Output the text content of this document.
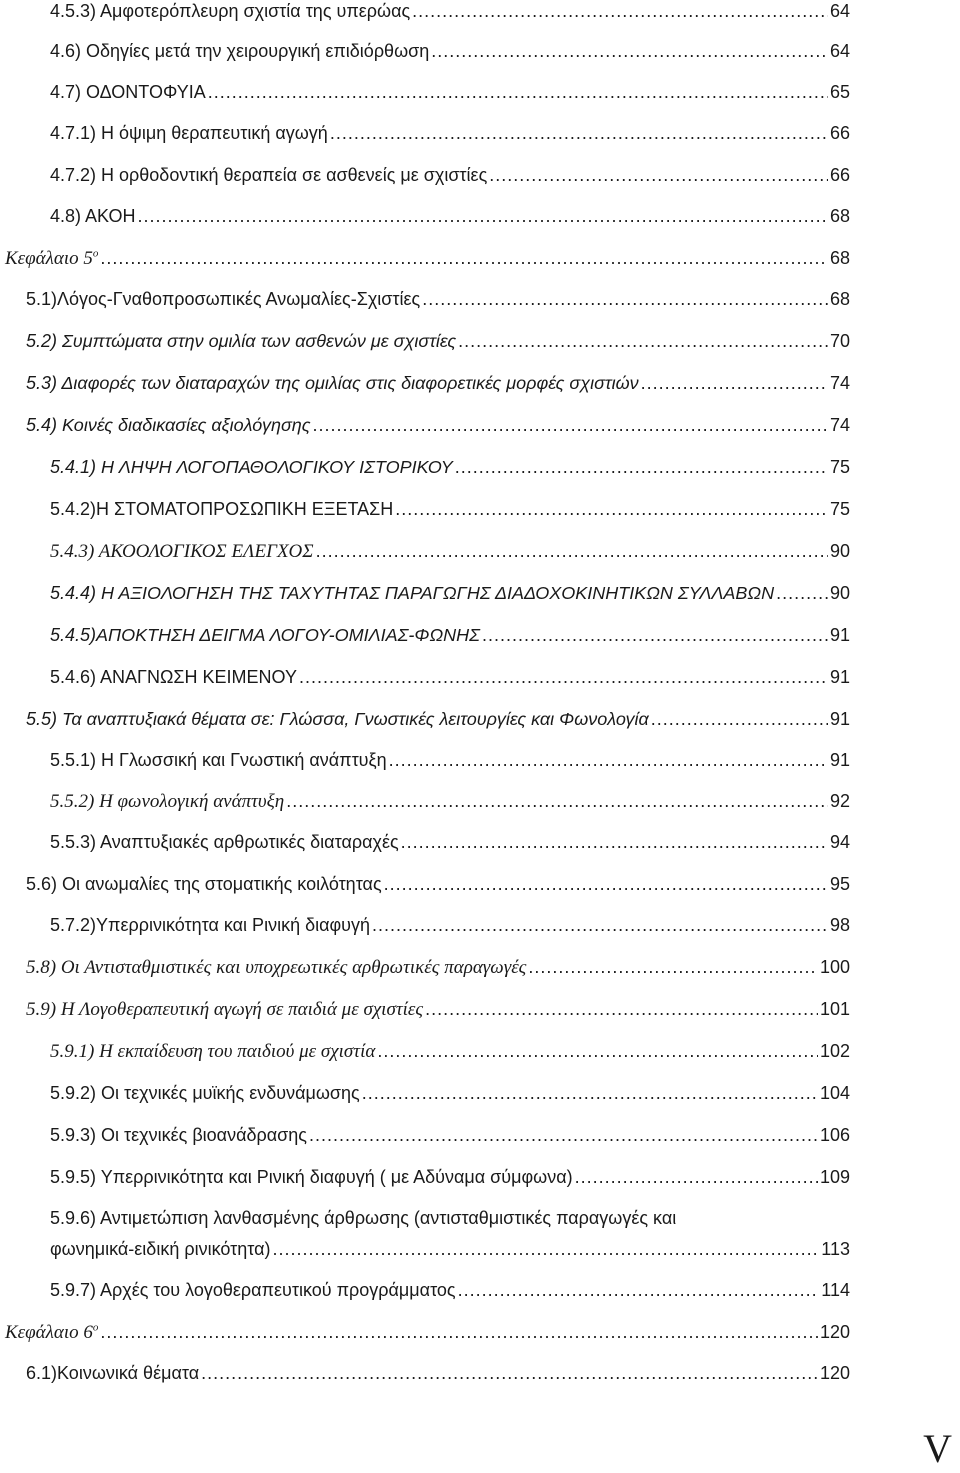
4.5.3) Αμφοτερόπλευρη σχιστία της υπερώας .....	64
4.6) Οδηγίες μετά την χειρουργική επιδιόρθωση .....	64
4.7) ΟΔΟΝΤΟΦΥΙΑ .....	65
4.7.1) Η όψιμη θεραπευτική αγωγή .....	66
4.7.2) Η ορθοδοντική θεραπεία σε ασθενείς με σχιστίες .....	66
4.8) ΑΚΟΗ .....	68
Κεφάλαιο $5^o$ .....	68
5.1)Λόγος-Γναθοπροσωπικές Ανωμαλίες-Σχιστίες .....	68
5.2) Συμπτώματα στην ομιλία των ασθενών με σχιστίες .....	70
5.3) Διαφορές των διαταραχών της ομιλίας στις διαφορετικές μορφές σχιστιών .....	74
5.4) Κοινές διαδικασίες αξιολόγησης .....	74
5.4.1) Η ΛΗΨΗ ΛΟΓΟΠΑΘΟΛΟΓΙΚΟΥ ΙΣΤΟΡΙΚΟΥ .....	75
5.4.2)Η ΣΤΟΜΑΤΟΠΡΟΣΩΠΙΚΗ ΕΞΕΤΑΣΗ .....	75
5.4.3) ΑΚΟΟΛΟΓΙΚΟΣ ΕΛΕΓΧΟΣ .....	90
5.4.4) Η ΑΞΙΟΛΟΓΗΣΗ ΤΗΣ ΤΑΧΥΤΗΤΑΣ ΠΑΡΑΓΩΓΗΣ ΔΙΑΔΟΧΟΚΙΝΗΤΙΚΩΝ ΣΥΛΛΑΒΩΝ .....	90
5.4.5)ΑΠΟΚΤΗΣΗ ΔΕΙΓΜΑ ΛΟΓΟΥ-ΟΜΙΛΙΑΣ-ΦΩΝΗΣ .....	91
5.4.6) ΑΝΑΓΝΩΣΗ ΚΕΙΜΕΝΟΥ .....	91
5.5) Τα αναπτυξιακά θέματα σε: Γλώσσα, Γνωστικές λειτουργίες και Φωνολογία .....	91
5.5.1) Η Γλωσσική και Γνωστική ανάπτυξη .....	91
5.5.2) Η φωνολογική ανάπτυξη .....	92
5.5.3) Αναπτυξιακές αρθρωτικές διαταραχές .....	94
5.6) Οι ανωμαλίες της στοματικής κοιλότητας .....	95
5.7.2)Υπερρινικότητα και Ρινική διαφυγή .....	98
5.8) Οι Αντισταθμιστικές και υποχρεωτικές αρθρωτικές παραγωγές .....	100
5.9) Η Λογοθεραπευτική αγωγή σε παιδιά με σχιστίες .....	101
5.9.1) Η εκπαίδευση του παιδιού με σχιστία .....	102
5.9.2) Οι τεχνικές μυϊκής ενδυνάμωσης .....	104
5.9.3) Οι τεχνικές βιοανάδρασης .....	106
5.9.5) Υπερρινικότητα και Ρινική διαφυγή ( με Αδύναμα σύμφωνα) .....	109
5.9.6) Αντιμετώπιση λανθασμένης άρθρωσης (αντισταθμιστικές παραγωγές και
φωνημικά-ειδική ρινικότητα) .....	113
5.9.7) Αρχές του λογοθεραπευτικού προγράμματος .....	114
Κεφάλαιο $6^o$ .....	120
6.1)Κοινωνικά θέματα .....	120
V
